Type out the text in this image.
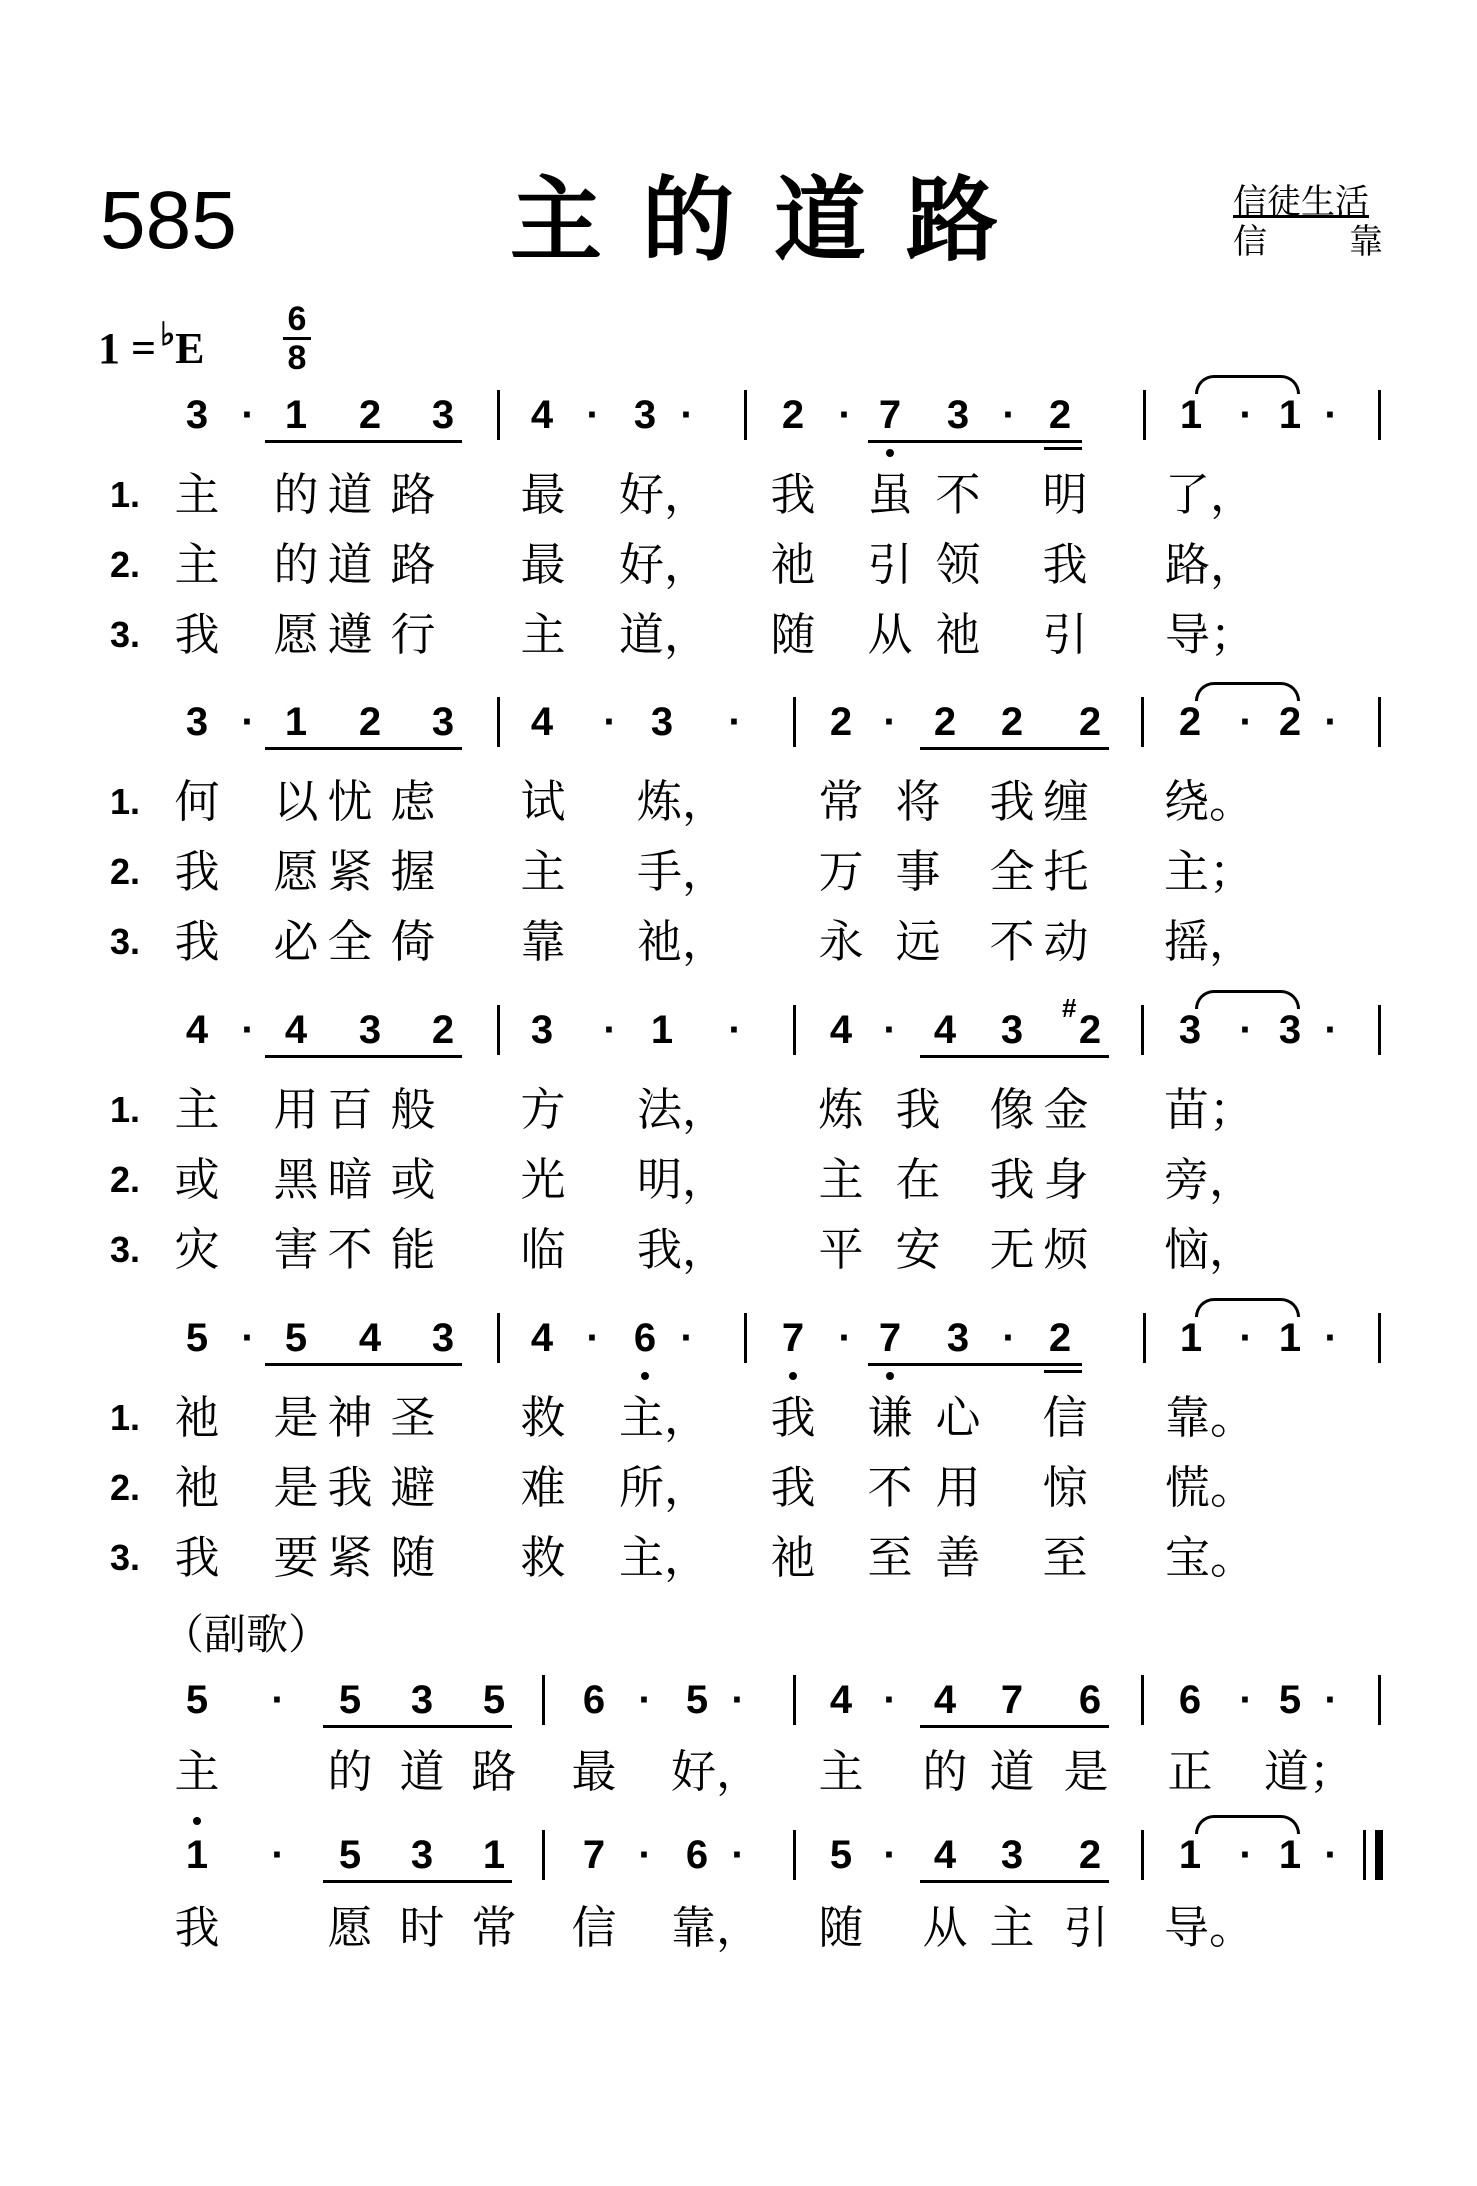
585	主的道路	信徒生活
信 靠
1 = ♭E
6
8
（副歌）
3 · 1 2 3 4 · 3 · 2 · 7 3 · 2	1 · 1 ·
1. 主 的 道 路 最 好， 我 虽 不 明 了，
2. 主 的 道 路 最 好， 祂 引 领 我 路，
3. 我 愿 遵 行 主 道， 随 从 祂 引 导；
3 · 1 2 3 4 · 3 · 2 · 2 2 2 2 · 2 ·
1. 何 以 忧 虑 试 炼， 常 将 我 缠 绕。
2. 我 愿 紧 握 主 手， 万 事 全 托 主；
3. 我 必 全 倚 靠 祂， 永 远 不 动 摇，
4 · 4 3 2 3 · 1 · 4 · 4 3	# 2 3 · 3 ·
1. 主 用 百 般 方 法， 炼 我 像 金 苗；
2. 或 黑 暗 或 光 明， 主 在 我 身 旁，
3. 灾 害 不 能 临 我， 平 安 无 烦 恼，
5 · 5 4 3 4 · 6 · 7 · 7 3 · 2	1 · 1 ·
1. 祂 是 神 圣 救 主， 我 谦 心 信 靠。
2. 祂 是 我 避 难 所， 我 不 用 惊 慌。
3. 我 要 紧 随 救 主， 祂 至 善 至 宝。
5 · 5 3 5 6 · 5 · 4 · 4 7 6 6 · 5 ·
主 的 道 路 最 好， 主 的 道 是 正 道；
1 · 5 3 1 7 · 6 · 5 · 4 3 2 1 · 1 ·
我 愿 时 常 信 靠， 随 从 主 引 导。
